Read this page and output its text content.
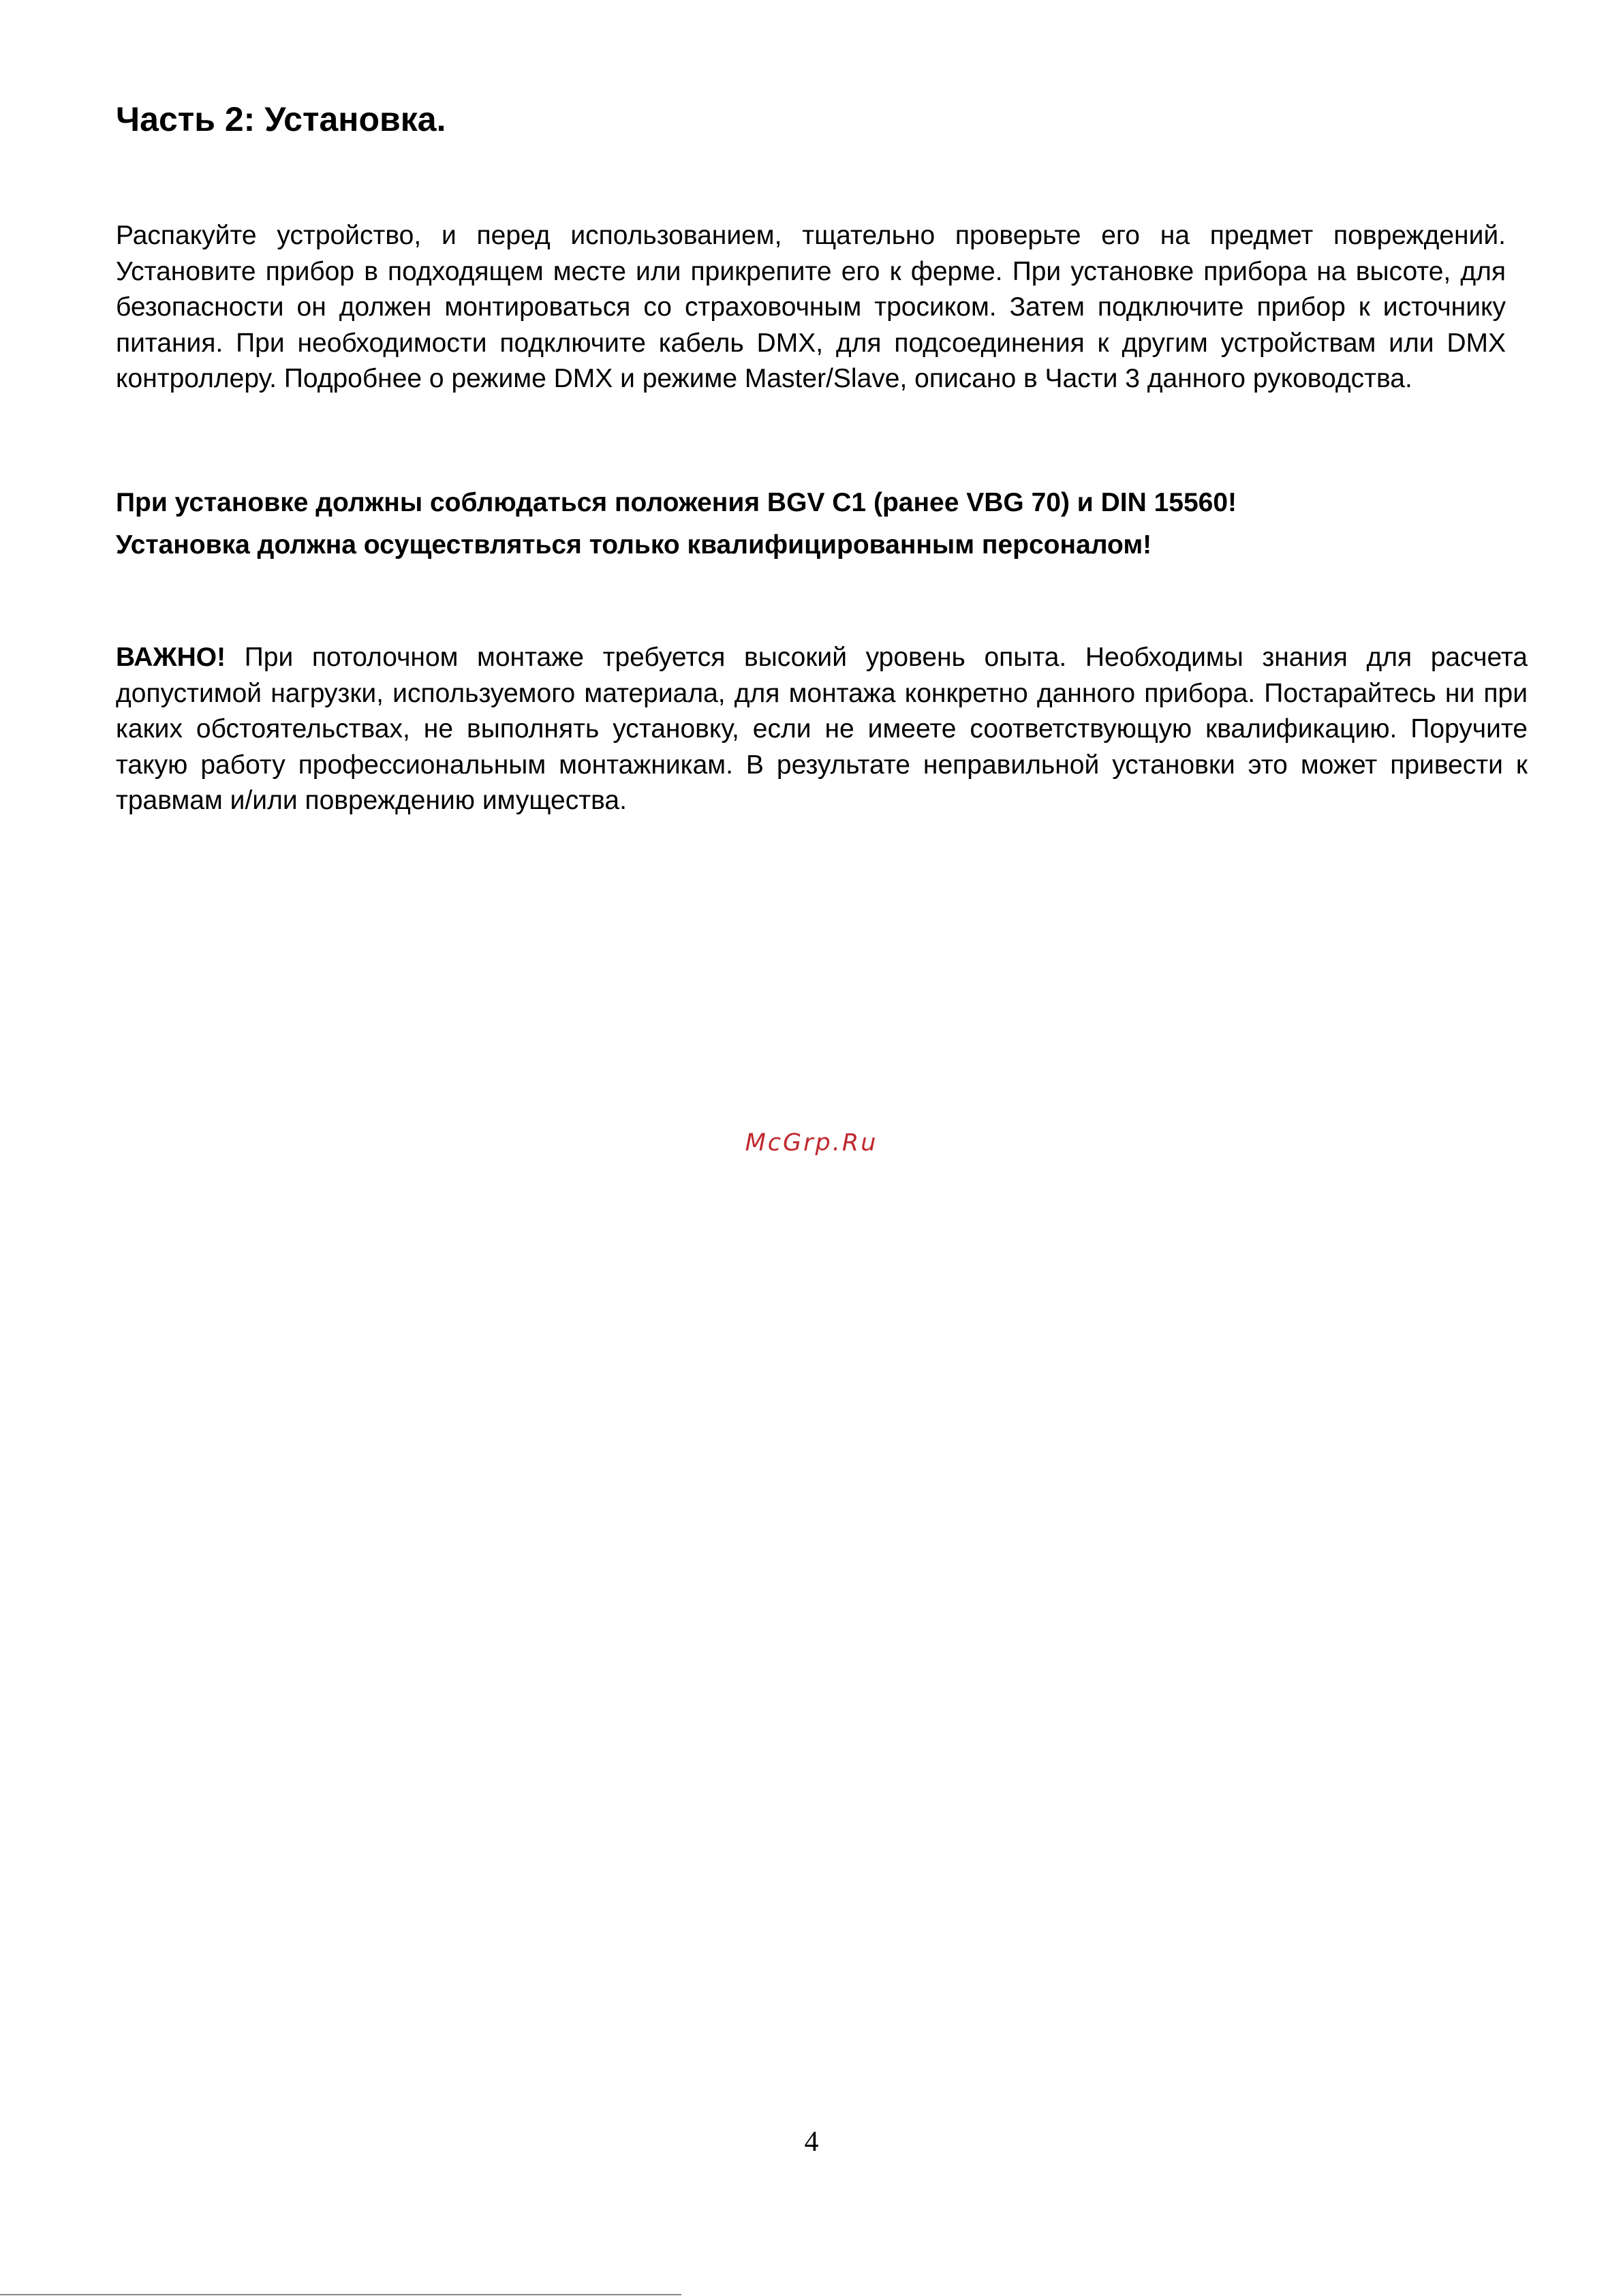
Часть 2: Установка.

Распакуйте устройство, и перед использованием, тщательно проверьте его на предмет повреждений. Установите прибор в подходящем месте или прикрепите его к ферме. При установке прибора на высоте, для безопасности он должен монтироваться со страховочным тросиком. Затем подключите прибор к источнику питания. При необходимости подключите кабель DMX, для подсоединения к другим устройствам или DMX контроллеру. Подробнее о режиме DMX и режиме Master/Slave, описано в Части 3 данного руководства.

При установке должны соблюдаться положения BGV C1 (ранее VBG 70) и DIN 15560!
Установка должна осуществляться только квалифицированным персоналом!

ВАЖНО! При потолочном монтаже требуется высокий уровень опыта. Необходимы знания для расчета допустимой нагрузки, используемого материала, для монтажа конкретно данного прибора. Постарайтесь ни при каких обстоятельствах, не выполнять установку, если не имеете соответствующую квалификацию. Поручите такую работу профессиональным монтажникам. В результате неправильной установки это может привести к травмам и/или повреждению имущества.

McGrp.Ru
4
